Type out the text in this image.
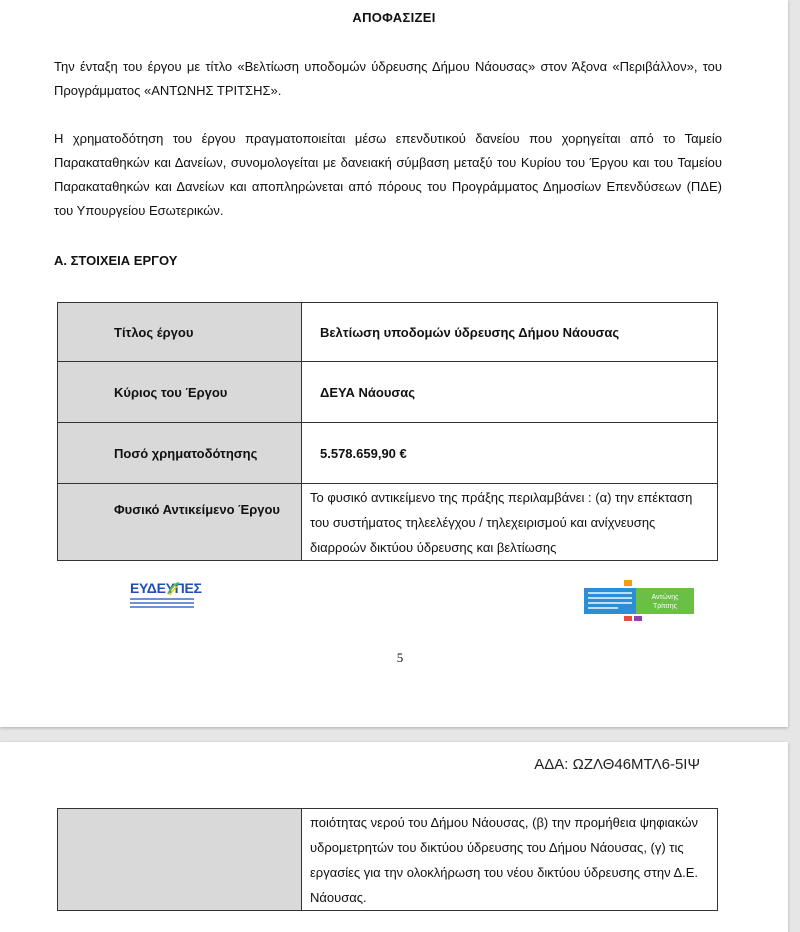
ΑΠΟΦΑΣΙΖΕΙ

Την ένταξη του έργου με τίτλο «Βελτίωση υποδομών ύδρευσης Δήμου Νάουσας» στον Άξονα «Περιβάλλον», του Προγράμματος «ΑΝΤΩΝΗΣ ΤΡΙΤΣΗΣ».

Η χρηματοδότηση του έργου πραγματοποιείται μέσω επενδυτικού δανείου που χορηγείται από το Ταμείο Παρακαταθηκών και Δανείων, συνομολογείται με δανειακή σύμβαση μεταξύ του Κυρίου του Έργου και του Ταμείου Παρακαταθηκών και Δανείων και αποπληρώνεται από πόρους του Προγράμματος Δημοσίων Επενδύσεων (ΠΔΕ) του Υπουργείου Εσωτερικών.

Α. ΣΤΟΙΧΕΙΑ ΕΡΓΟΥ
Τίτλος έργου	Βελτίωση υποδομών ύδρευσης Δήμου Νάουσας
Κύριος του Έργου	ΔΕΥΑ Νάουσας
Ποσό χρηματοδότησης	5.578.659,90 €
Φυσικό Αντικείμενο Έργου	Το φυσικό αντικείμενο της πράξης περιλαμβάνει : (α) την επέκταση του συστήματος τηλεελέγχου / τηλεχειρισμού και ανίχνευσης διαρροών δικτύου ύδρευσης και βελτίωσης
ΕΥΔΕΥΠΕΣ
Αντώνης
Τρίτσης
5
ΑΔΑ: ΩΖΛΘ46ΜΤΛ6-5ΙΨ
	ποιότητας νερού του Δήμου Νάουσας, (β) την προμήθεια ψηφιακών υδρομετρητών του δικτύου ύδρευσης του Δήμου Νάουσας, (γ) τις εργασίες για την ολοκλήρωση του νέου δικτύου ύδρευσης στην Δ.Ε. Νάουσας.
